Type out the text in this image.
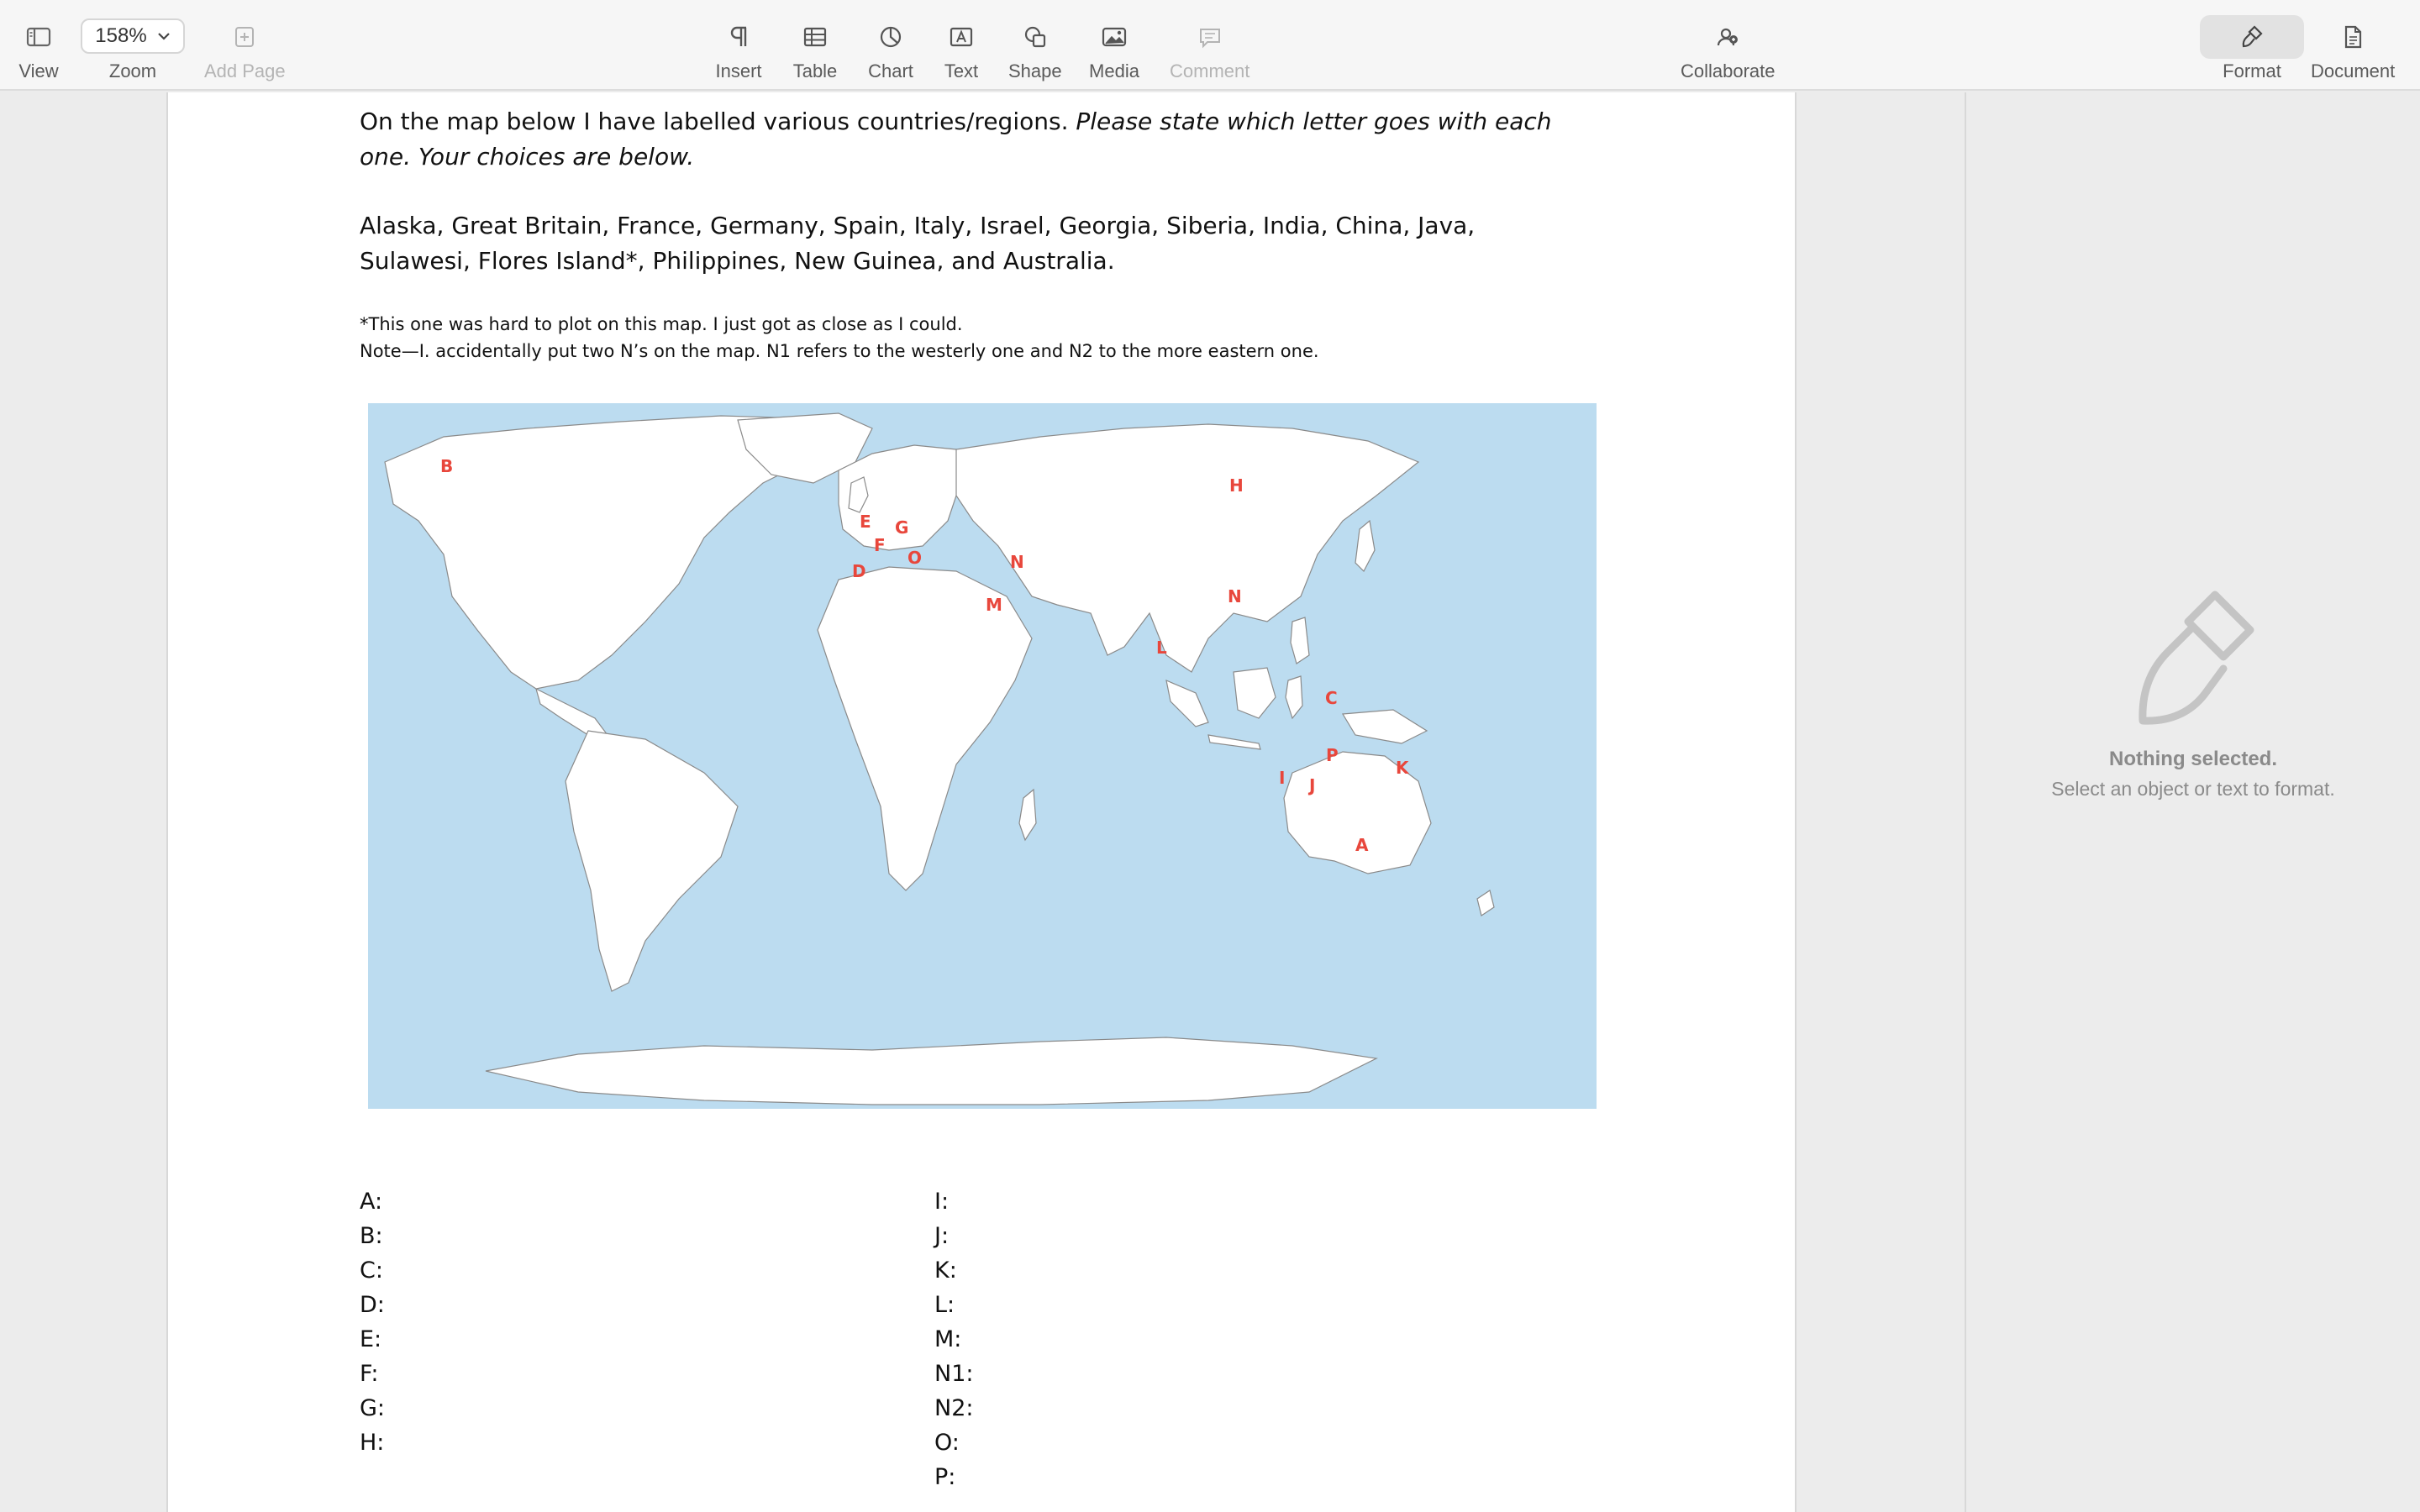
View
158%
Zoom	Add Page	Insert Table Chart Text Shape Media Comment	Collaborate	Format Document

On the map below I have labelled various countries/regions. Please state which letter goes with each one. Your choices are below.

Alaska, Great Britain, France, Germany, Spain, Italy, Israel, Georgia, Siberia, India, China, Java, Sulawesi, Flores Island*, Philippines, New Guinea, and Australia.

*This one was hard to plot on this map. I just got as close as I could.

Note—I. accidentally put two N’s on the map. N1 refers to the westerly one and N2 to the more eastern one.

B
E G
F
O
D	N
M
H
N
L
C
P
K
I J
A
A:
B:
C:
D:
E:
F:
G:
H:
I:
J:
K:
L:
M:
N1:
N2:
O:
P:
Nothing selected.
Select an object or text to format.
